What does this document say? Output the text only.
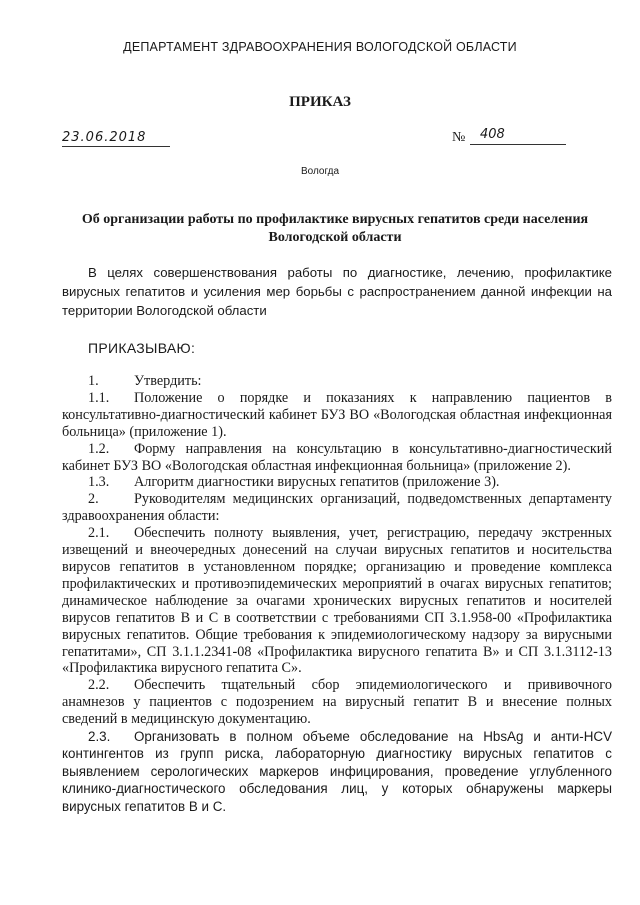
ДЕПАРТАМЕНТ ЗДРАВООХРАНЕНИЯ ВОЛОГОДСКОЙ ОБЛАСТИ
ПРИКАЗ
23.06.2018	№	408
Вологда
Об организации работы по профилактике вирусных гепатитов среди населения Вологодской области
В целях совершенствования работы по диагностике, лечению, профилактике вирусных гепатитов и усиления мер борьбы с распространением данной инфекции на территории Вологодской области
ПРИКАЗЫВАЮ:

1. Утвердить:

1.1. Положение о порядке и показаниях к направлению пациентов в консультативно-диагностический кабинет БУЗ ВО «Вологодская областная инфекционная больница» (приложение 1).

1.2. Форму направления на консультацию в консультативно-диагностический кабинет БУЗ ВО «Вологодская областная инфекционная больница» (приложение 2).

1.3. Алгоритм диагностики вирусных гепатитов (приложение 3).

2. Руководителям медицинских организаций, подведомственных департаменту здравоохранения области:

2.1. Обеспечить полноту выявления, учет, регистрацию, передачу экстренных извещений и внеочередных донесений на случаи вирусных гепатитов и носительства вирусов гепатитов в установленном порядке; организацию и проведение комплекса профилактических и противоэпидемических мероприятий в очагах вирусных гепатитов; динамическое наблюдение за очагами хронических вирусных гепатитов и носителей вирусов гепатитов В и С в соответствии с требованиями СП 3.1.958-00 «Профилактика вирусных гепатитов. Общие требования к эпидемиологическому надзору за вирусными гепатитами», СП 3.1.1.2341-08 «Профилактика вирусного гепатита В» и СП 3.1.3112-13 «Профилактика вирусного гепатита С».

2.2. Обеспечить тщательный сбор эпидемиологического и прививочного анамнезов у пациентов с подозрением на вирусный гепатит В и внесение полных сведений в медицинскую документацию.

2.3. Организовать в полном объеме обследование на HbsAg и анти-HCV контингентов из групп риска, лабораторную диагностику вирусных гепатитов с выявлением серологических маркеров инфицирования, проведение углубленного клинико-диагностического обследования лиц, у которых обнаружены маркеры вирусных гепатитов В и С.
